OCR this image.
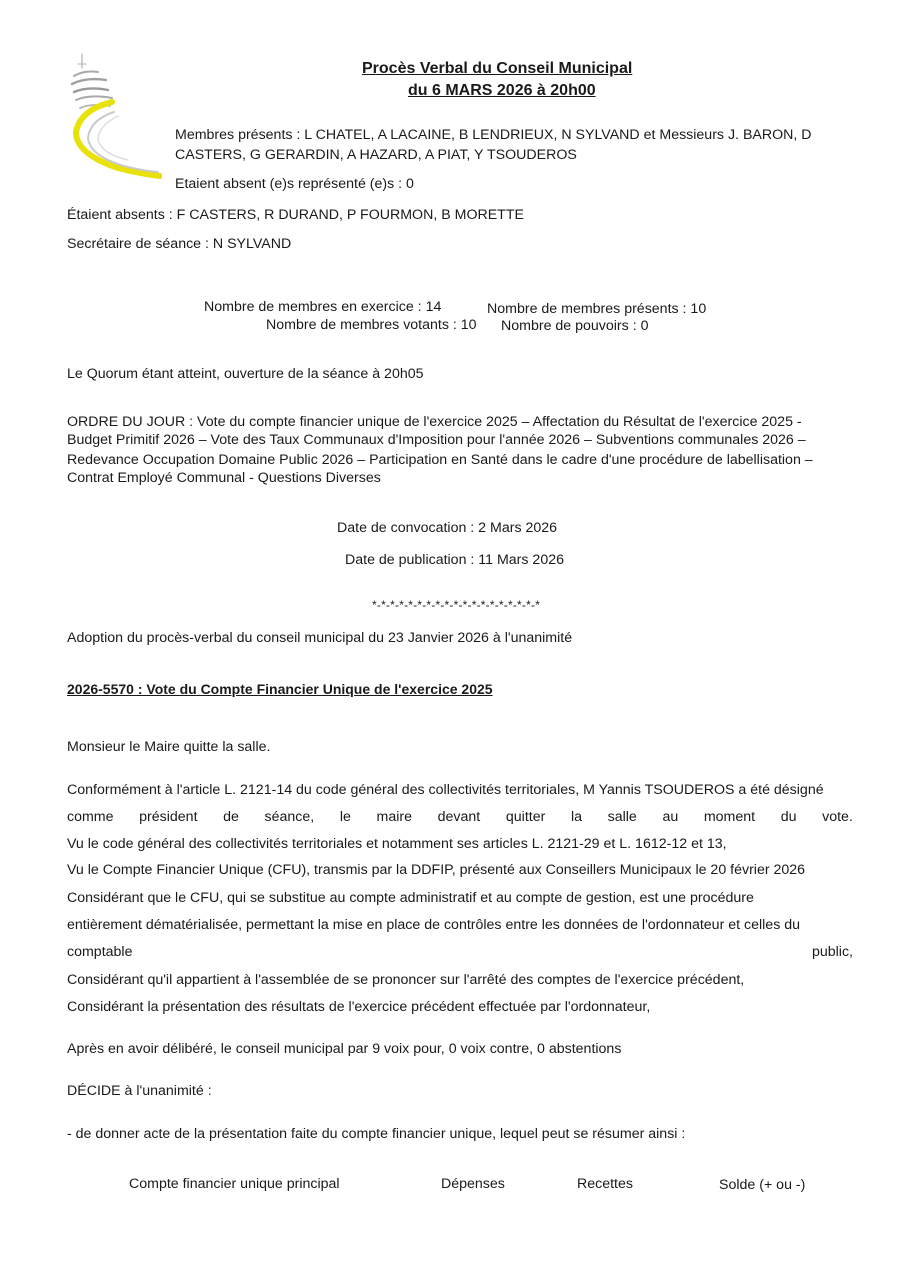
Procès Verbal du Conseil Municipal
du 6 MARS 2026 à 20h00
Membres présents : L CHATEL, A LACAINE, B LENDRIEUX, N SYLVAND et Messieurs J. BARON, D
CASTERS, G GERARDIN, A HAZARD, A PIAT, Y TSOUDEROS
Etaient absent (e)s représenté (e)s : 0
Étaient absents : F CASTERS, R DURAND, P FOURMON, B MORETTE
Secrétaire de séance : N SYLVAND
Nombre de membres en exercice : 14	Nombre de membres présents : 10
Nombre de membres votants : 10 Nombre de pouvoirs : 0
Le Quorum étant atteint, ouverture de la séance à 20h05
ORDRE DU JOUR : Vote du compte financier unique de l'exercice 2025 – Affectation du Résultat de l'exercice 2025 -
Budget Primitif 2026 – Vote des Taux Communaux d'Imposition pour l'année 2026 – Subventions communales 2026 –
Redevance Occupation Domaine Public 2026 – Participation en Santé dans le cadre d'une procédure de labellisation –
Contrat Employé Communal - Questions Diverses
Date de convocation : 2 Mars 2026
Date de publication : 11 Mars 2026
*-*-*-*-*-*-*-*-*-*-*-*-*-*-*-*-*-*-*
Adoption du procès-verbal du conseil municipal du 23 Janvier 2026 à l'unanimité
2026-5570 : Vote du Compte Financier Unique de l'exercice 2025
Monsieur le Maire quitte la salle.
Conformément à l'article L. 2121-14 du code général des collectivités territoriales, M Yannis TSOUDEROS a été désigné
comme président de séance, le maire devant quitter la salle au moment du vote.
Vu le code général des collectivités territoriales et notamment ses articles L. 2121-29 et L. 1612-12 et 13,
Vu le Compte Financier Unique (CFU), transmis par la DDFIP, présenté aux Conseillers Municipaux le 20 février 2026
Considérant que le CFU, qui se substitue au compte administratif et au compte de gestion, est une procédure
entièrement dématérialisée, permettant la mise en place de contrôles entre les données de l'ordonnateur et celles du
comptable	public,
Considérant qu'il appartient à l'assemblée de se prononcer sur l'arrêté des comptes de l'exercice précédent,
Considérant la présentation des résultats de l'exercice précédent effectuée par l'ordonnateur,
Après en avoir délibéré, le conseil municipal par 9 voix pour, 0 voix contre, 0 abstentions
DÉCIDE à l'unanimité :
- de donner acte de la présentation faite du compte financier unique, lequel peut se résumer ainsi :
Compte financier unique principal	Dépenses	Recettes	Solde (+ ou -)
